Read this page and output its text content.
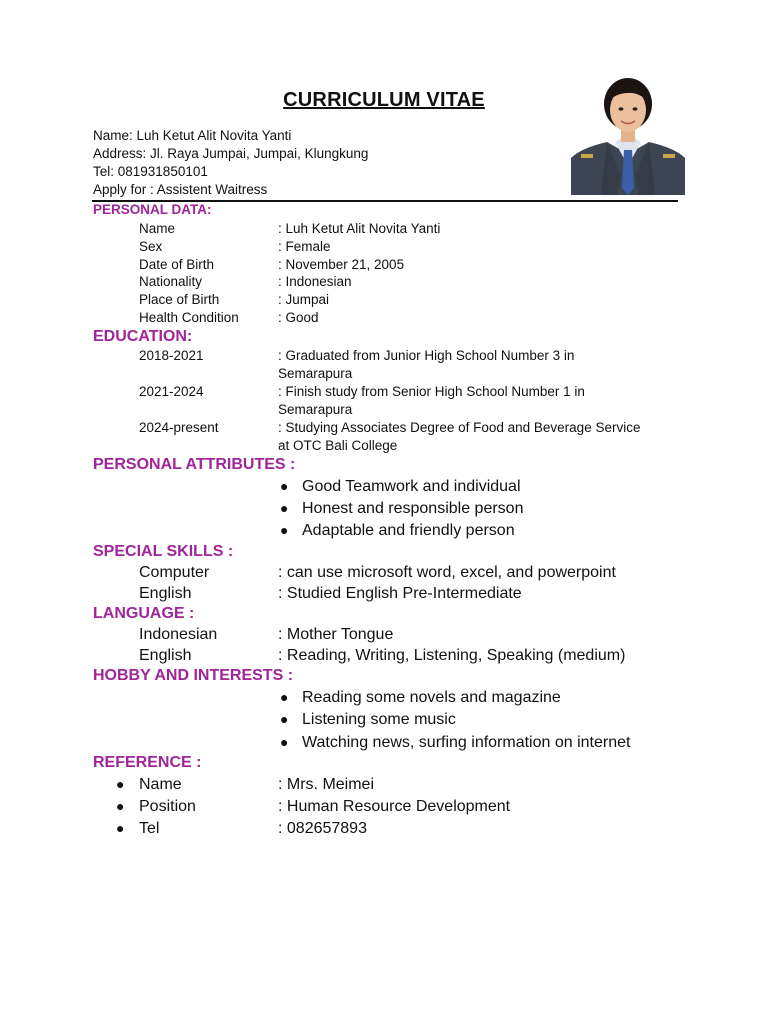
CURRICULUM VITAE
Name: Luh Ketut Alit Novita Yanti
Address: Jl. Raya Jumpai, Jumpai, Klungkung
Tel: 081931850101
Apply for : Assistent Waitress
PERSONAL DATA:
Name	: Luh Ketut Alit Novita Yanti
Sex	: Female
Date of Birth	: November 21, 2005
Nationality	: Indonesian
Place of Birth	: Jumpai
Health Condition	: Good
EDUCATION:
2018-2021	: Graduated from Junior High School Number 3 in
Semarapura
2021-2024	: Finish study from Senior High School Number 1 in
Semarapura
2024-present	: Studying Associates Degree of Food and Beverage Service
at OTC Bali College
PERSONAL ATTRIBUTES :
● Good Teamwork and individual
● Honest and responsible person
● Adaptable and friendly person
SPECIAL SKILLS :
Computer	: can use microsoft word, excel, and powerpoint
English	: Studied English Pre-Intermediate
LANGUAGE :
Indonesian	: Mother Tongue
English	: Reading, Writing, Listening, Speaking (medium)
HOBBY AND INTERESTS :
● Reading some novels and magazine
● Listening some music
● Watching news, surfing information on internet
REFERENCE :
● Name	: Mrs. Meimei
● Position	: Human Resource Development
● Tel	: 082657893
